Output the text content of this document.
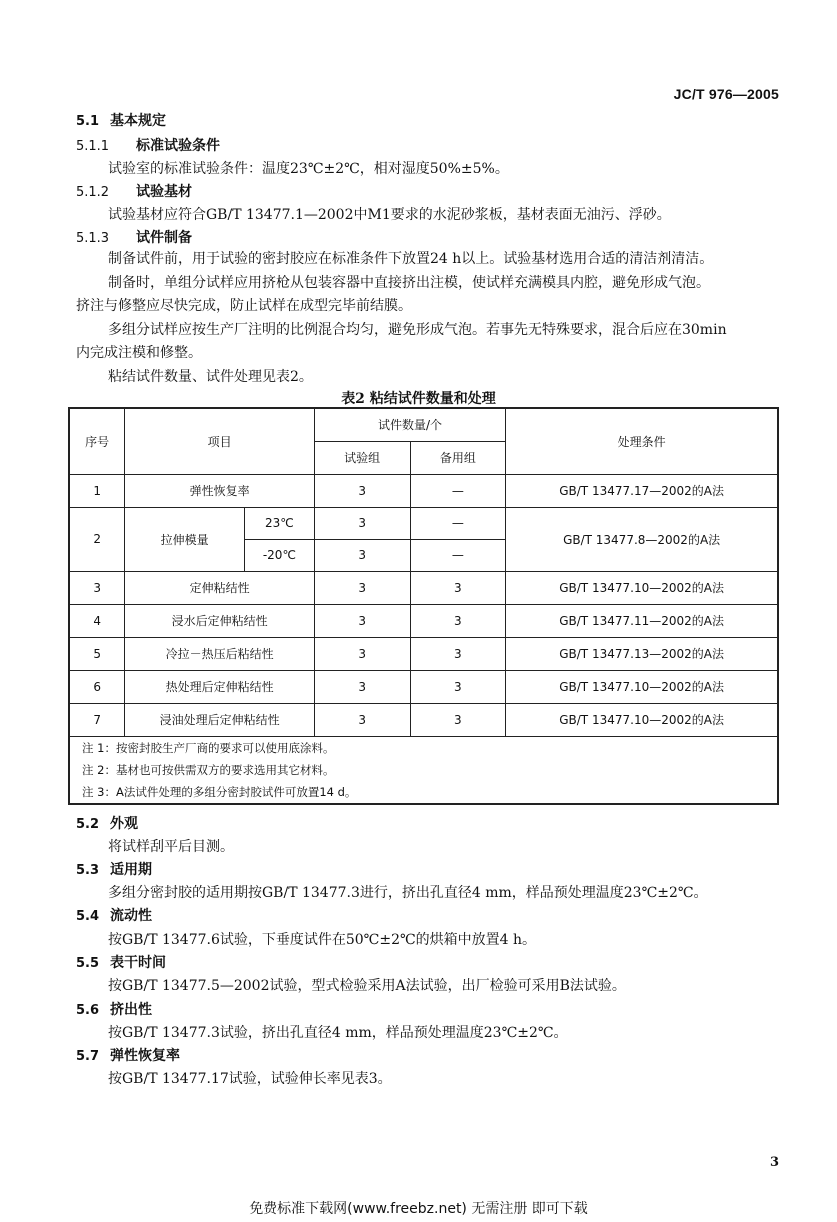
JC/T 976—2005
5.1 基本规定
5.1.1 标准试验条件
试验室的标准试验条件：温度23℃±2℃，相对湿度50%±5%。
5.1.2 试验基材
试验基材应符合GB/T 13477.1—2002中M1要求的水泥砂浆板，基材表面无油污、浮砂。
5.1.3 试件制备
制备试件前，用于试验的密封胶应在标准条件下放置24 h以上。试验基材选用合适的清洁剂清洁。
制备时，单组分试样应用挤枪从包装容器中直接挤出注模，使试样充满模具内腔，避免形成气泡。
挤注与修整应尽快完成，防止试样在成型完毕前结膜。
多组分试样应按生产厂注明的比例混合均匀，避免形成气泡。若事先无特殊要求，混合后应在30min
内完成注模和修整。
粘结试件数量、试件处理见表2。
表2 粘结试件数量和处理
序号	项目		试件数量/个		处理条件
			试验组	备用组	
1	弹性恢复率		3	—	GB/T 13477.17—2002的A法
2	拉伸模量	23℃	3	—	GB/T 13477.8—2002的A法
		-20℃	3	—	
3	定伸粘结性		3	3	GB/T 13477.10—2002的A法
4	浸水后定伸粘结性		3	3	GB/T 13477.11—2002的A法
5	冷拉－热压后粘结性		3	3	GB/T 13477.13—2002的A法
6	热处理后定伸粘结性		3	3	GB/T 13477.10—2002的A法
7	浸油处理后定伸粘结性		3	3	GB/T 13477.10—2002的A法

注 1：按密封胶生产厂商的要求可以使用底涂料。
注 2：基材也可按供需双方的要求选用其它材料。
注 3：A法试件处理的多组分密封胶试件可放置14 d。					
5.2 外观
将试样刮平后目测。
5.3 适用期
多组分密封胶的适用期按GB/T 13477.3进行，挤出孔直径4 mm，样品预处理温度23℃±2℃。
5.4 流动性
按GB/T 13477.6试验，下垂度试件在50℃±2℃的烘箱中放置4 h。
5.5 表干时间
按GB/T 13477.5—2002试验，型式检验采用A法试验，出厂检验可采用B法试验。
5.6 挤出性
按GB/T 13477.3试验，挤出孔直径4 mm，样品预处理温度23℃±2℃。
5.7 弹性恢复率
按GB/T 13477.17试验，试验伸长率见表3。
3
免费标准下载网(www.freebz.net) 无需注册 即可下载
